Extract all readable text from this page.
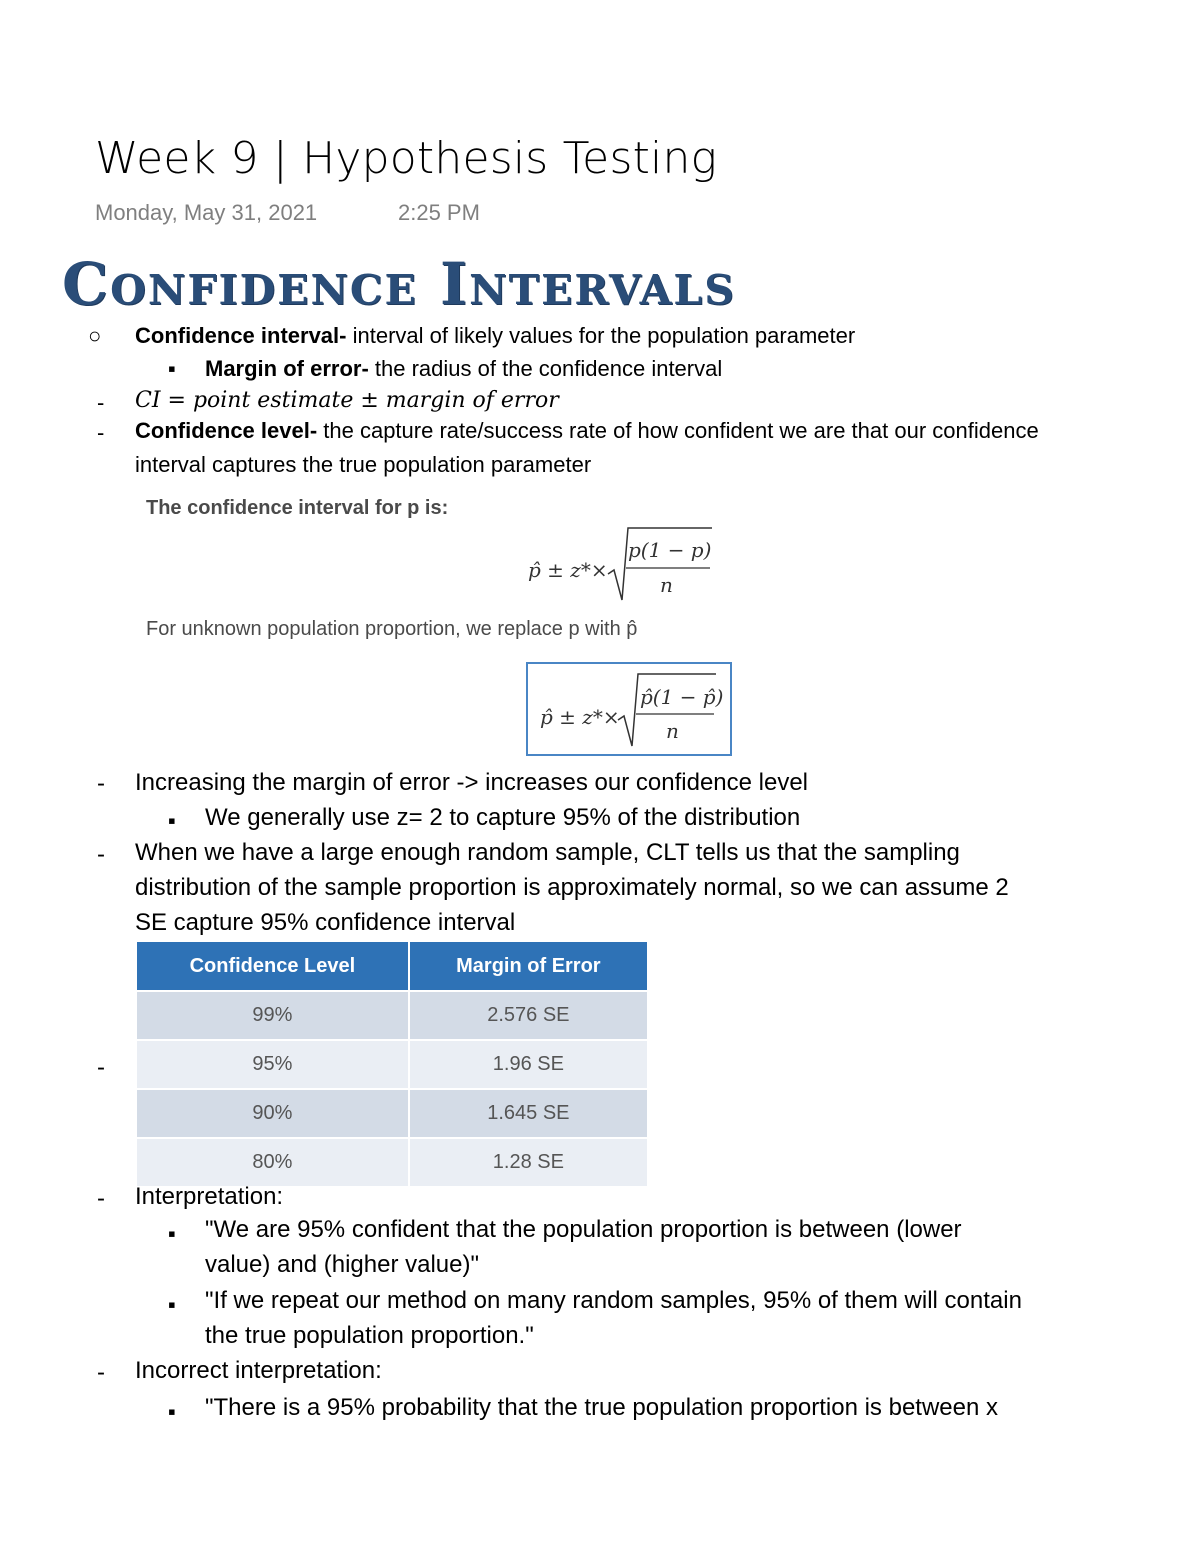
Week 9 | Hypothesis Testing
Monday, May 31, 2021	2:25 PM
Confidence Intervals
○ Confidence interval- interval of likely values for the population parameter
▪ Margin of error- the radius of the confidence interval
- CI = point estimate ± margin of error
- Confidence level- the capture rate/success rate of how confident we are that our confidence
interval captures the true population parameter
The confidence interval for p is:
p̂ ± z*×
p(1 − p)
n
For unknown population proportion, we replace p with p̂
p̂ ± z*×
p̂(1 − p̂)
n
- Increasing the margin of error -> increases our confidence level
▪ We generally use z= 2 to capture 95% of the distribution
- When we have a large enough random sample, CLT tells us that the sampling
distribution of the sample proportion is approximately normal, so we can assume 2
SE capture 95% confidence interval
-
Confidence Level	Margin of Error
99%	2.576 SE
95%	1.96 SE
90%	1.645 SE
80%	1.28 SE
- Interpretation:
▪ "We are 95% confident that the population proportion is between (lower
value) and (higher value)"
▪ "If we repeat our method on many random samples, 95% of them will contain
the true population proportion."
- Incorrect interpretation:
▪ "There is a 95% probability that the true population proportion is between x
